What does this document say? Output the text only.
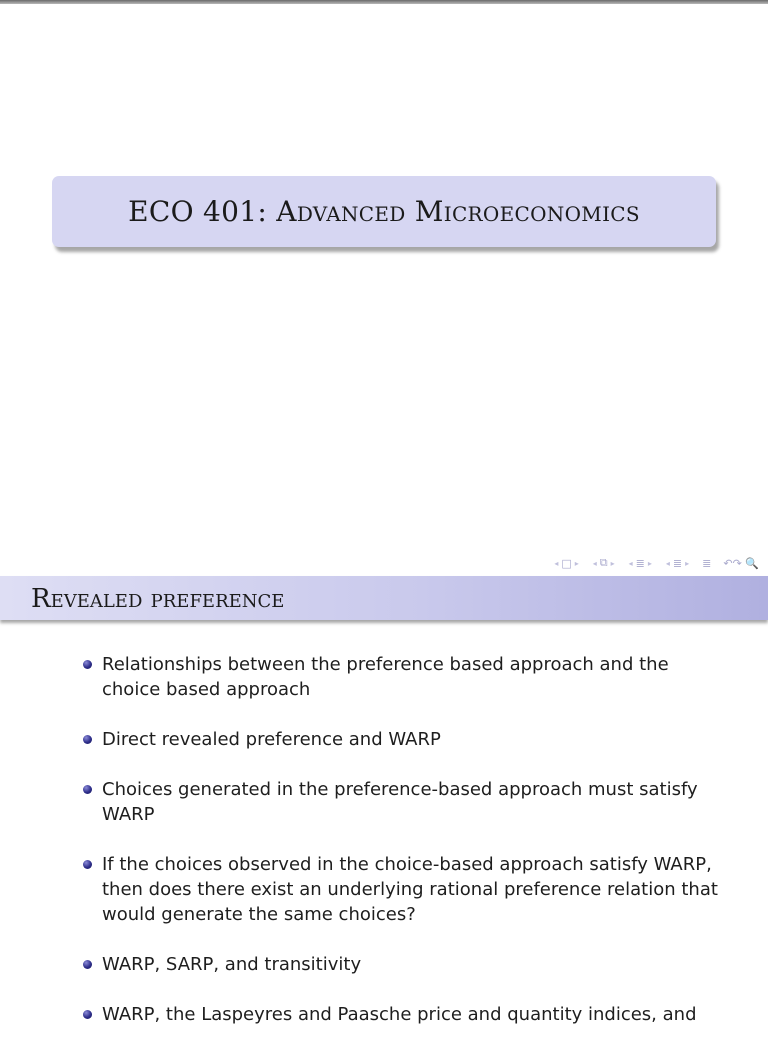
ECO 401: Advanced Microeconomics
◂ □ ▸ ◂ ⧉ ▸ ◂ ≣ ▸ ◂ ≣ ▸ ≣ ↶↷ 🔍
Revealed preference
Relationships between the preference based approach and the choice based approach
Direct revealed preference and WARP
Choices generated in the preference-based approach must satisfy WARP
If the choices observed in the choice-based approach satisfy WARP, then does there exist an underlying rational preference relation that would generate the same choices?
WARP, SARP, and transitivity
WARP, the Laspeyres and Paasche price and quantity indices, and
